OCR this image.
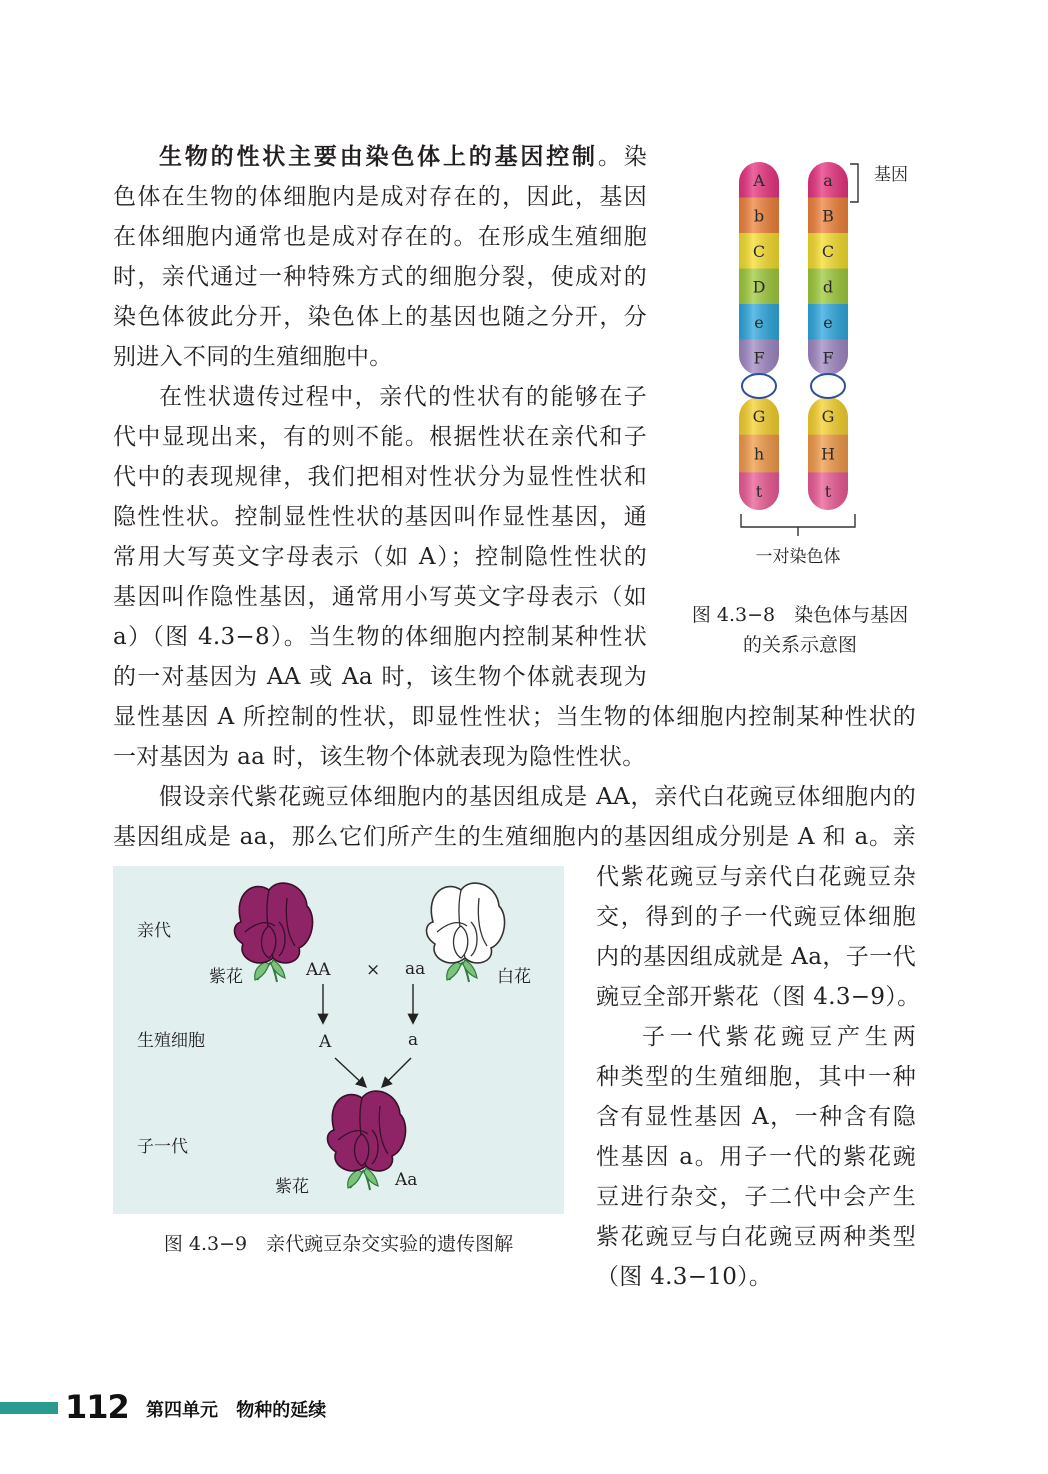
生物的性状主要由染色体上的基因控制。染
色体在生物的体细胞内是成对存在的，因此，基因
在体细胞内通常也是成对存在的。在形成生殖细胞
时，亲代通过一种特殊方式的细胞分裂，使成对的
染色体彼此分开，染色体上的基因也随之分开，分
别进入不同的生殖细胞中。
在性状遗传过程中，亲代的性状有的能够在子
代中显现出来，有的则不能。根据性状在亲代和子
代中的表现规律，我们把相对性状分为显性性状和
隐性性状。控制显性性状的基因叫作显性基因，通
常用大写英文字母表示（如 A）；控制隐性性状的
基因叫作隐性基因，通常用小写英文字母表示（如
a）（图 4.3−8）。当生物的体细胞内控制某种性状
的一对基因为 AA 或 Aa 时，该生物个体就表现为
显性基因 A 所控制的性状，即显性性状；当生物的体细胞内控制某种性状的
一对基因为 aa 时，该生物个体就表现为隐性性状。
假设亲代紫花豌豆体细胞内的基因组成是 AA，亲代白花豌豆体细胞内的
基因组成是 aa，那么它们所产生的生殖细胞内的基因组成分别是 A 和 a。亲
代紫花豌豆与亲代白花豌豆杂
交，得到的子一代豌豆体细胞
内的基因组成就是 Aa，子一代
豌豆全部开紫花（图 4.3−9）。
子一代紫花豌豆产生两
种类型的生殖细胞，其中一种
含有显性基因 A，一种含有隐
性基因 a。用子一代的紫花豌
豆进行杂交，子二代中会产生
紫花豌豆与白花豌豆两种类型
（图 4.3−10）。
A
b
C
D
e
F
G
h
t
a
B
C
d
e
F
G
H
t
基因
一对染色体
图 4.3−8　染色体与基因
的关系示意图
亲代
生殖细胞
子一代
紫花	AA × aa	白花
A	a
紫花	Aa
图 4.3−9　亲代豌豆杂交实验的遗传图解
112 第四单元 物种的延续
